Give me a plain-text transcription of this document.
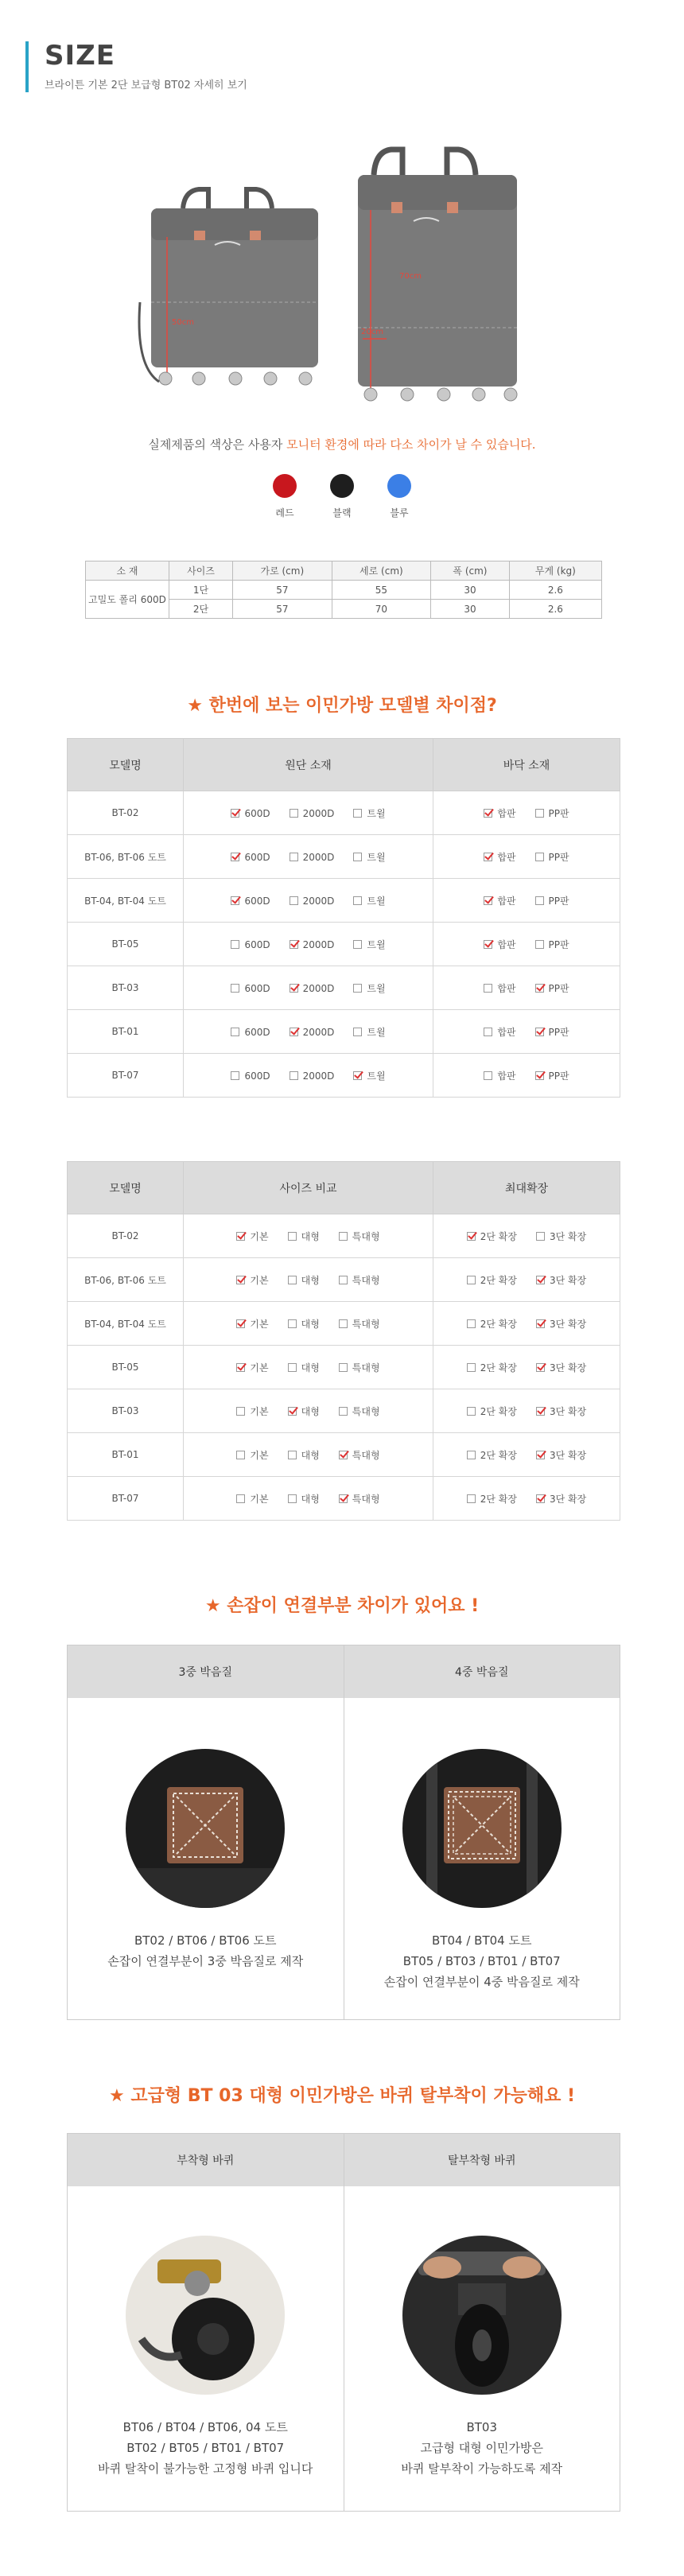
SIZE
브라이튼 기본 2단 보급형 BT02 자세히 보기
50cm
70cm
20cm
실제제품의 색상은 사용자 모니터 환경에 따라 다소 차이가 날 수 있습니다.
레드	블랙	블루
소 재	사이즈	가로 (cm)	세로 (cm)	폭 (cm)	무게 (kg)
고밀도 폴리 600D	1단	57	55	30	2.6
	2단	57	70	30	2.6
★ 한번에 보는 이민가방 모델별 차이점?
모델명	원단 소재	바닥 소재
BT-02	600D 2000D 트윌	합판 PP판
BT-06, BT-06 도트	600D 2000D 트윌	합판 PP판
BT-04, BT-04 도트	600D 2000D 트윌	합판 PP판
BT-05	600D 2000D 트윌	합판 PP판
BT-03	600D 2000D 트윌	합판 PP판
BT-01	600D 2000D 트윌	합판 PP판
BT-07	600D 2000D 트윌	합판 PP판
모델명	사이즈 비교	최대확장
BT-02	기본 대형 특대형	2단 확장 3단 확장
BT-06, BT-06 도트	기본 대형 특대형	2단 확장 3단 확장
BT-04, BT-04 도트	기본 대형 특대형	2단 확장 3단 확장
BT-05	기본 대형 특대형	2단 확장 3단 확장
BT-03	기본 대형 특대형	2단 확장 3단 확장
BT-01	기본 대형 특대형	2단 확장 3단 확장
BT-07	기본 대형 특대형	2단 확장 3단 확장
★ 손잡이 연결부분 차이가 있어요 !
3중 박음질	4중 박음질
BT02 / BT06 / BT06 도트
손잡이 연결부분이 3중 박음질로 제작
BT04 / BT04 도트
BT05 / BT03 / BT01 / BT07
손잡이 연결부분이 4중 박음질로 제작
★ 고급형 BT 03 대형 이민가방은 바퀴 탈부착이 가능해요 !
부착형 바퀴	탈부착형 바퀴
BT06 / BT04 / BT06, 04 도트
BT02 / BT05 / BT01 / BT07
바퀴 탈착이 불가능한 고정형 바퀴 입니다
BT03
고급형 대형 이민가방은
바퀴 탈부착이 가능하도록 제작
